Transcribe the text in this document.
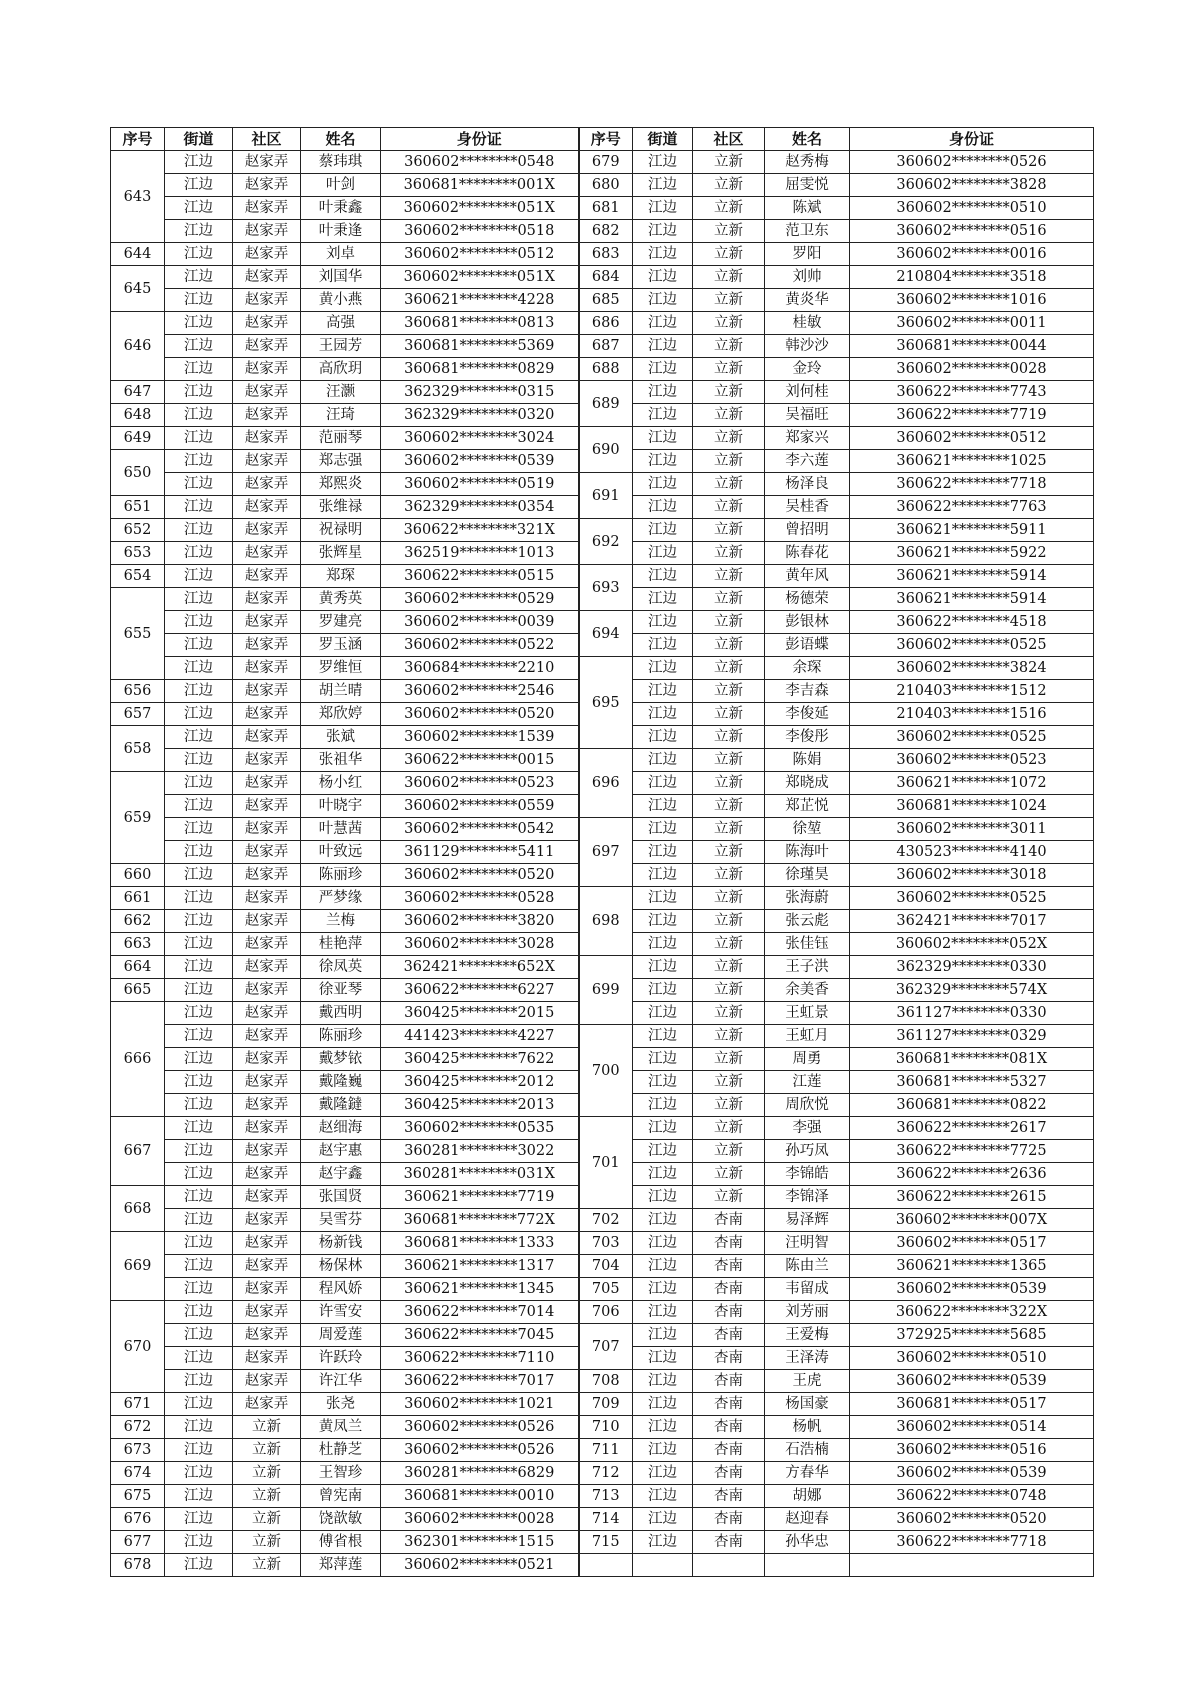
序号	街道	社区	姓名	身份证	序号	街道	社区	姓名	身份证
643	江边	赵家弄	蔡玮琪	360602********0548	679	江边	立新	赵秀梅	360602********0526
	江边	赵家弄	叶剑	360681********001X	680	江边	立新	屈雯悦	360602********3828
	江边	赵家弄	叶秉鑫	360602********051X	681	江边	立新	陈斌	360602********0510
	江边	赵家弄	叶秉逢	360602********0518	682	江边	立新	范卫东	360602********0516
644	江边	赵家弄	刘卓	360602********0512	683	江边	立新	罗阳	360602********0016
645	江边	赵家弄	刘国华	360602********051X	684	江边	立新	刘帅	210804********3518
	江边	赵家弄	黄小燕	360621********4228	685	江边	立新	黄炎华	360602********1016
646	江边	赵家弄	高强	360681********0813	686	江边	立新	桂敏	360602********0011
	江边	赵家弄	王园芳	360681********5369	687	江边	立新	韩沙沙	360681********0044
	江边	赵家弄	高欣玥	360681********0829	688	江边	立新	金玲	360602********0028
647	江边	赵家弄	汪灏	362329********0315	689	江边	立新	刘何桂	360622********7743
648	江边	赵家弄	汪琦	362329********0320		江边	立新	吴福旺	360622********7719
649	江边	赵家弄	范丽琴	360602********3024	690	江边	立新	郑家兴	360602********0512
650	江边	赵家弄	郑志强	360602********0539		江边	立新	李六莲	360621********1025
	江边	赵家弄	郑熙炎	360602********0519	691	江边	立新	杨泽良	360622********7718
651	江边	赵家弄	张维禄	362329********0354		江边	立新	吴桂香	360622********7763
652	江边	赵家弄	祝禄明	360622********321X	692	江边	立新	曾招明	360621********5911
653	江边	赵家弄	张辉星	362519********1013		江边	立新	陈春花	360621********5922
654	江边	赵家弄	郑琛	360622********0515	693	江边	立新	黄年风	360621********5914
655	江边	赵家弄	黄秀英	360602********0529		江边	立新	杨德荣	360621********5914
	江边	赵家弄	罗建亮	360602********0039	694	江边	立新	彭银林	360622********4518
	江边	赵家弄	罗玉涵	360602********0522		江边	立新	彭语蝶	360602********0525
	江边	赵家弄	罗维恒	360684********2210	695	江边	立新	余琛	360602********3824
656	江边	赵家弄	胡兰晴	360602********2546		江边	立新	李吉森	210403********1512
657	江边	赵家弄	郑欣婷	360602********0520		江边	立新	李俊延	210403********1516
658	江边	赵家弄	张斌	360602********1539		江边	立新	李俊彤	360602********0525
	江边	赵家弄	张祖华	360622********0015	696	江边	立新	陈娟	360602********0523
659	江边	赵家弄	杨小红	360602********0523		江边	立新	郑晓成	360621********1072
	江边	赵家弄	叶晓宇	360602********0559		江边	立新	郑芷悦	360681********1024
	江边	赵家弄	叶慧茜	360602********0542	697	江边	立新	徐堃	360602********3011
	江边	赵家弄	叶致远	361129********5411		江边	立新	陈海叶	430523********4140
660	江边	赵家弄	陈丽珍	360602********0520		江边	立新	徐瑾昊	360602********3018
661	江边	赵家弄	严梦缘	360602********0528	698	江边	立新	张海蔚	360602********0525
662	江边	赵家弄	兰梅	360602********3820		江边	立新	张云彪	362421********7017
663	江边	赵家弄	桂艳萍	360602********3028		江边	立新	张佳钰	360602********052X
664	江边	赵家弄	徐凤英	362421********652X	699	江边	立新	王子洪	362329********0330
665	江边	赵家弄	徐亚琴	360622********6227		江边	立新	余美香	362329********574X
666	江边	赵家弄	戴西明	360425********2015		江边	立新	王虹景	361127********0330
	江边	赵家弄	陈丽珍	441423********4227	700	江边	立新	王虹月	361127********0329
	江边	赵家弄	戴梦铱	360425********7622		江边	立新	周勇	360681********081X
	江边	赵家弄	戴隆巍	360425********2012		江边	立新	江莲	360681********5327
	江边	赵家弄	戴隆鐽	360425********2013		江边	立新	周欣悦	360681********0822
667	江边	赵家弄	赵细海	360602********0535	701	江边	立新	李强	360622********2617
	江边	赵家弄	赵宇惠	360281********3022		江边	立新	孙巧凤	360622********7725
	江边	赵家弄	赵宇鑫	360281********031X		江边	立新	李锦皓	360622********2636
668	江边	赵家弄	张国贤	360621********7719		江边	立新	李锦泽	360622********2615
	江边	赵家弄	吴雪芬	360681********772X	702	江边	杏南	易泽辉	360602********007X
669	江边	赵家弄	杨新钱	360681********1333	703	江边	杏南	汪明智	360602********0517
	江边	赵家弄	杨保林	360621********1317	704	江边	杏南	陈由兰	360621********1365
	江边	赵家弄	程风娇	360621********1345	705	江边	杏南	韦留成	360602********0539
670	江边	赵家弄	许雪安	360622********7014	706	江边	杏南	刘芳丽	360622********322X
	江边	赵家弄	周爱莲	360622********7045	707	江边	杏南	王爱梅	372925********5685
	江边	赵家弄	许跃玲	360622********7110		江边	杏南	王泽涛	360602********0510
	江边	赵家弄	许江华	360622********7017	708	江边	杏南	王虎	360602********0539
671	江边	赵家弄	张尧	360602********1021	709	江边	杏南	杨国豪	360681********0517
672	江边	立新	黄凤兰	360602********0526	710	江边	杏南	杨帆	360602********0514
673	江边	立新	杜静芝	360602********0526	711	江边	杏南	石浩楠	360602********0516
674	江边	立新	王智珍	360281********6829	712	江边	杏南	方春华	360602********0539
675	江边	立新	曾宪南	360681********0010	713	江边	杏南	胡娜	360622********0748
676	江边	立新	饶歆敏	360602********0028	714	江边	杏南	赵迎春	360602********0520
677	江边	立新	傅省根	362301********1515	715	江边	杏南	孙华忠	360622********7718
678	江边	立新	郑萍莲	360602********0521					
